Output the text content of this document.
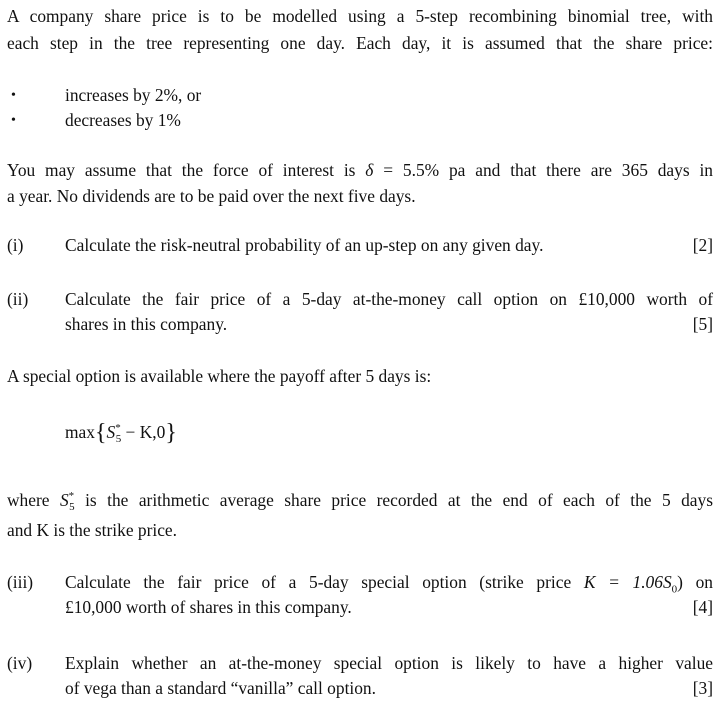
A company share price is to be modelled using a 5-step recombining binomial tree, with
each step in the tree representing one day. Each day, it is assumed that the share price:
•	increases by 2%, or
•	decreases by 1%
You may assume that the force of interest is δ = 5.5% pa and that there are 365 days in
a year. No dividends are to be paid over the next five days.
(i) Calculate the risk-neutral probability of an up-step on any given day.	[2]
(ii) Calculate the fair price of a 5-day at-the-money call option on £10,000 worth of
shares in this company.	[5]
A special option is available where the payoff after 5 days is:
$\max\{S^*_5 - K,0\}$
where $S^*_5$ is the arithmetic average share price recorded at the end of each of the 5 days
and K is the strike price.
(iii) Calculate the fair price of a 5-day special option (strike price $K = 1.06S_0$) on
£10,000 worth of shares in this company.	[4]
(iv) Explain whether an at-the-money special option is likely to have a higher value
of vega than a standard “vanilla” call option.	[3]
